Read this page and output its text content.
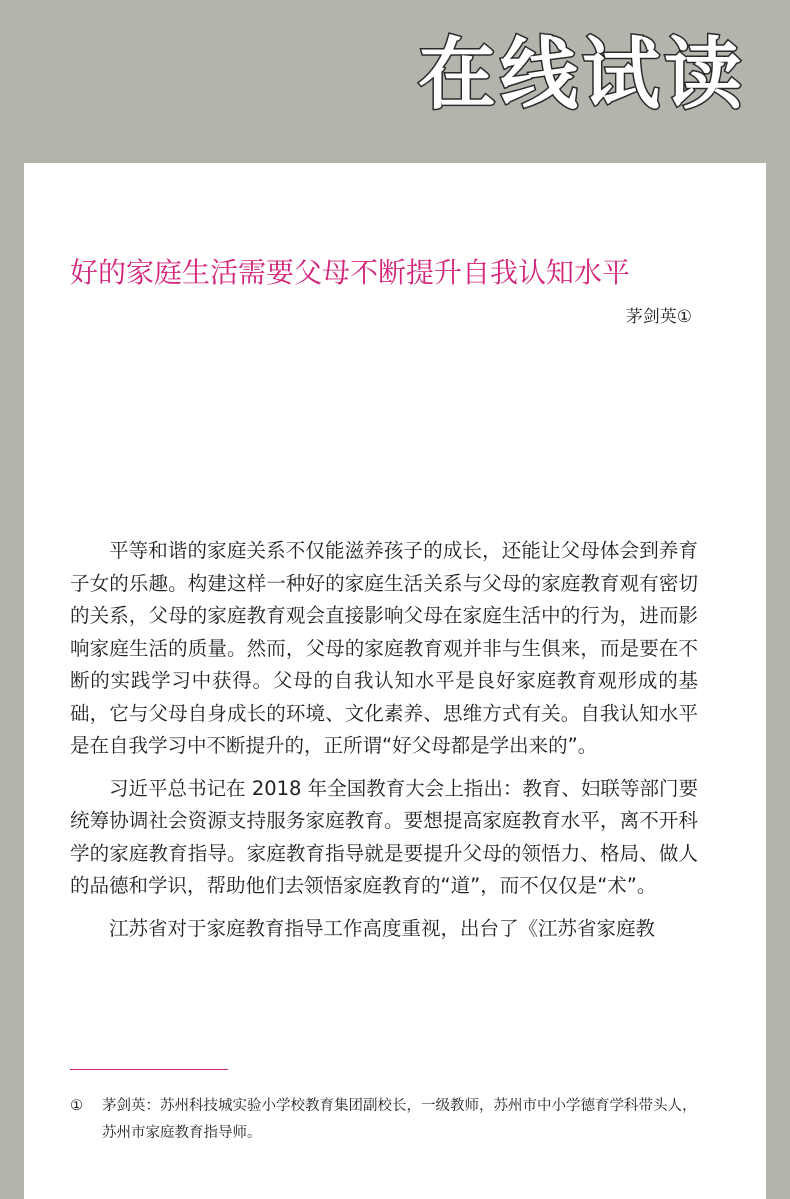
在线试读
好的家庭生活需要父母不断提升自我认知水平
茅剑英①

平等和谐的家庭关系不仅能滋养孩子的成长，还能让父母体会到养育子女的乐趣。构建这样一种好的家庭生活关系与父母的家庭教育观有密切的关系，父母的家庭教育观会直接影响父母在家庭生活中的行为，进而影响家庭生活的质量。然而，父母的家庭教育观并非与生俱来，而是要在不断的实践学习中获得。父母的自我认知水平是良好家庭教育观形成的基础，它与父母自身成长的环境、文化素养、思维方式有关。自我认知水平是在自我学习中不断提升的，正所谓“好父母都是学出来的”。

习近平总书记在 2018 年全国教育大会上指出：教育、妇联等部门要统筹协调社会资源支持服务家庭教育。要想提高家庭教育水平，离不开科学的家庭教育指导。家庭教育指导就是要提升父母的领悟力、格局、做人的品德和学识，帮助他们去领悟家庭教育的“道”，而不仅仅是“术”。

江苏省对于家庭教育指导工作高度重视，出台了《江苏省家庭教

①	茅剑英：苏州科技城实验小学校教育集团副校长，一级教师，苏州市中小学德育学科带头人，苏州市家庭教育指导师。
